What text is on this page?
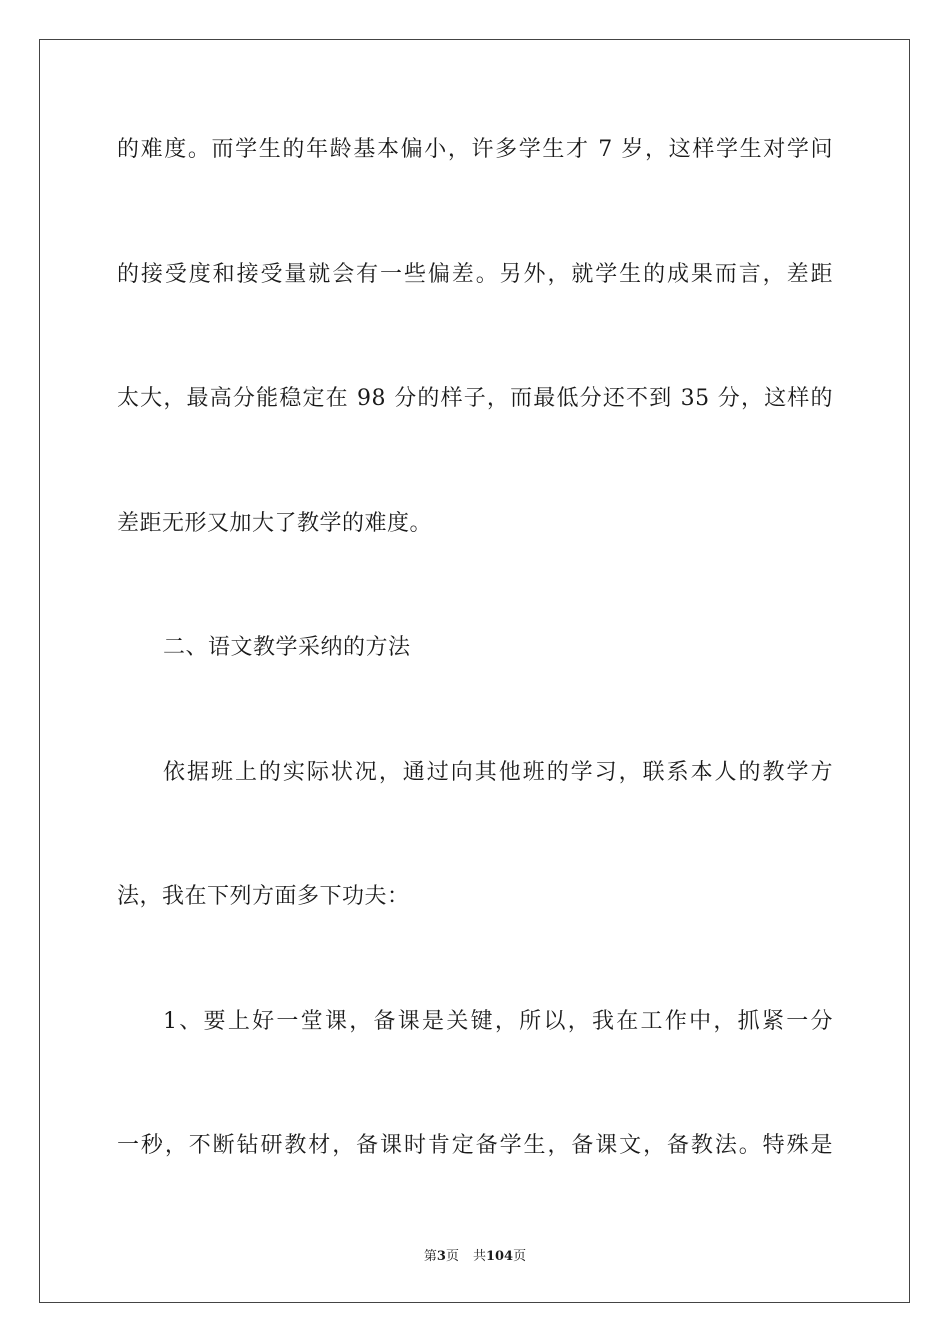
的难度。而学生的年龄基本偏小，许多学生才 7 岁，这样学生对学问
的接受度和接受量就会有一些偏差。另外，就学生的成果而言，差距
太大，最高分能稳定在 98 分的样子，而最低分还不到 35 分，这样的
差距无形又加大了教学的难度。
二、语文教学采纳的方法
依据班上的实际状况，通过向其他班的学习，联系本人的教学方
法，我在下列方面多下功夫：
1、要上好一堂课，备课是关键，所以，我在工作中，抓紧一分
一秒，不断钻研教材，备课时肯定备学生，备课文，备教法。特殊是
第3页 共104页
